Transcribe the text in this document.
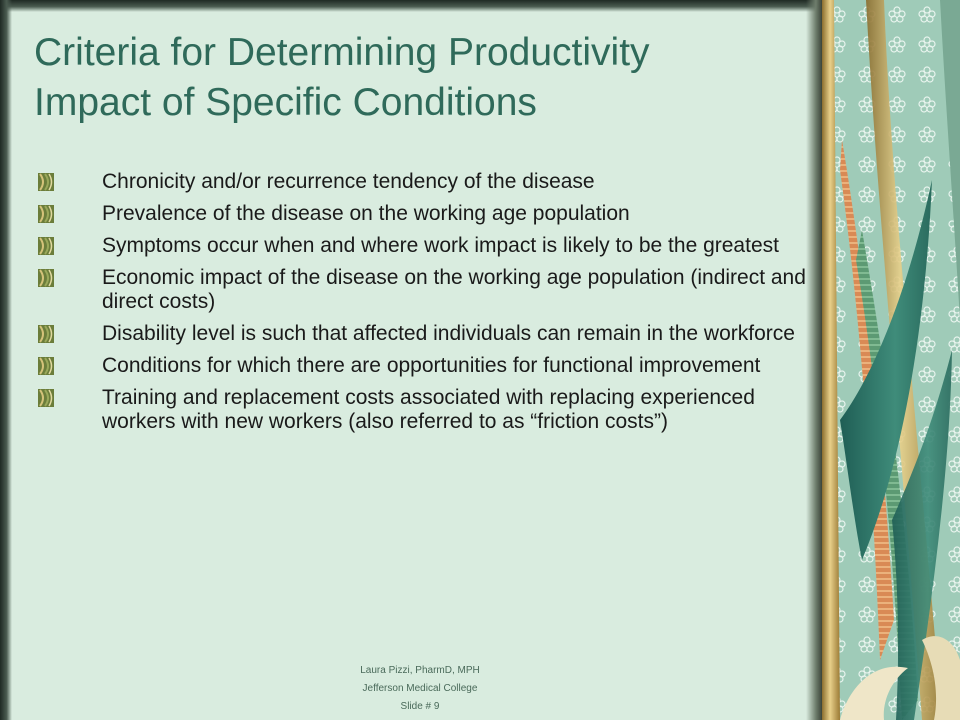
Criteria for Determining Productivity
Impact of Specific Conditions
Chronicity and/or recurrence tendency of the disease
Prevalence of the disease on the working age population
Symptoms occur when and where work impact is likely to be the greatest
Economic impact of the disease on the working age population (indirect and direct costs)
Disability level is such that affected individuals can remain in the workforce
Conditions for which there are opportunities for functional improvement
Training and replacement costs associated with replacing experienced workers with new workers (also referred to as “friction costs”)
Laura Pizzi, PharmD, MPH
Jefferson Medical College
Slide # 9
